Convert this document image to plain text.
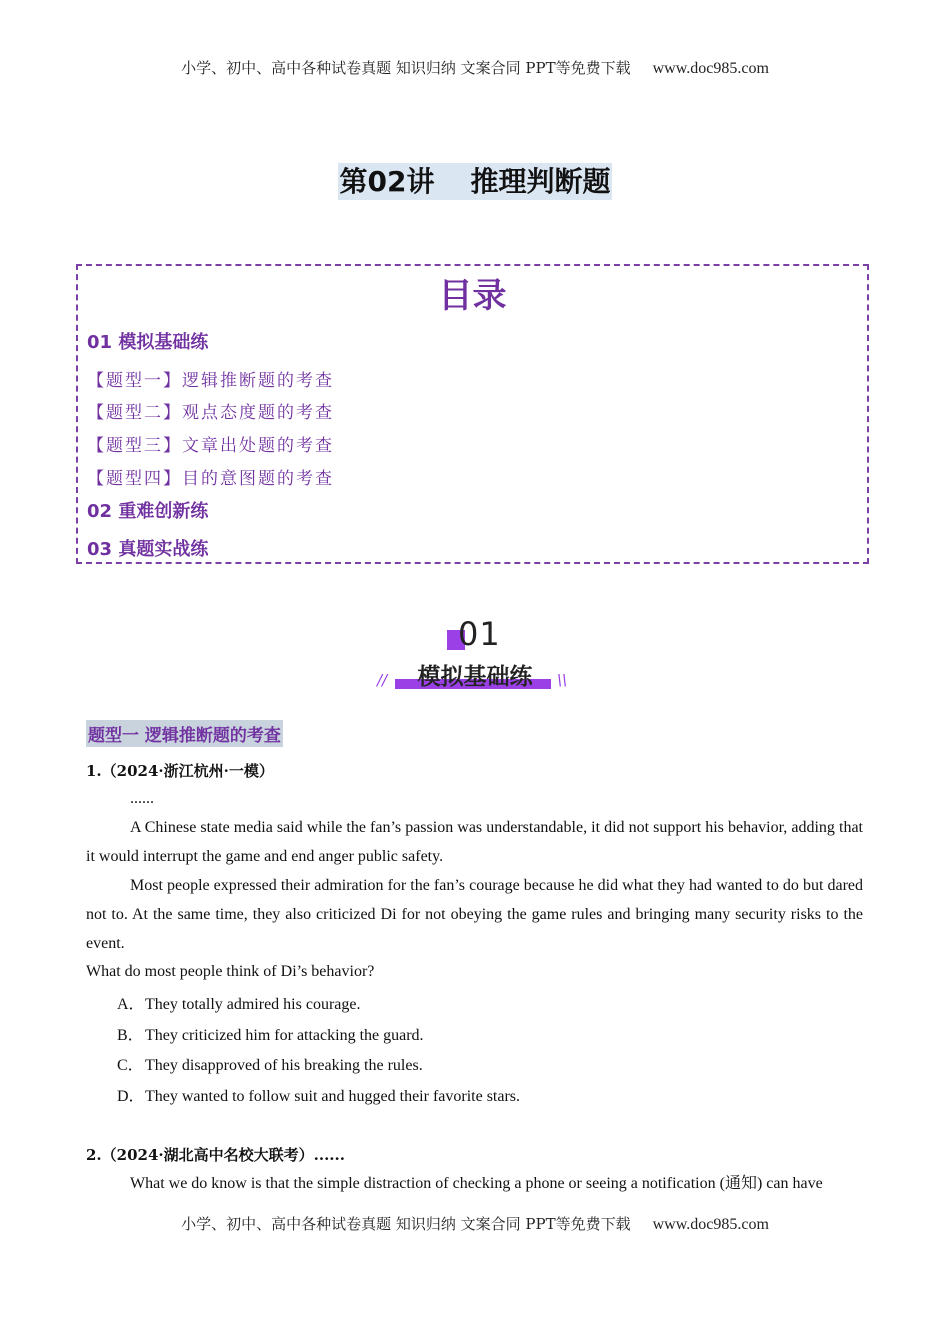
小学、初中、高中各种试卷真题 知识归纳 文案合同 PPT等免费下载 www.doc985.com
第02讲 推理判断题
目录
01 模拟基础练
【题型一】逻辑推断题的考查
【题型二】观点态度题的考查
【题型三】文章出处题的考查
【题型四】目的意图题的考查
02 重难创新练
03 真题实战练
01
模拟基础练
//	\\
题型一 逻辑推断题的考查
1.（2024·浙江杭州·一模）
......
A Chinese state media said while the fan’s passion was understandable, it did not support his behavior, adding that it would interrupt the game and end anger public safety.
Most people expressed their admiration for the fan’s courage because he did what they had wanted to do but dared not to. At the same time, they also criticized Di for not obeying the game rules and bringing many security risks to the event.
What do most people think of Di’s behavior?
A．They totally admired his courage.
B．They criticized him for attacking the guard.
C．They disapproved of his breaking the rules.
D．They wanted to follow suit and hugged their favorite stars.
2.（2024·湖北高中名校大联考）......
What we do know is that the simple distraction of checking a phone or seeing a notification (通知) can have
小学、初中、高中各种试卷真题 知识归纳 文案合同 PPT等免费下载 www.doc985.com
